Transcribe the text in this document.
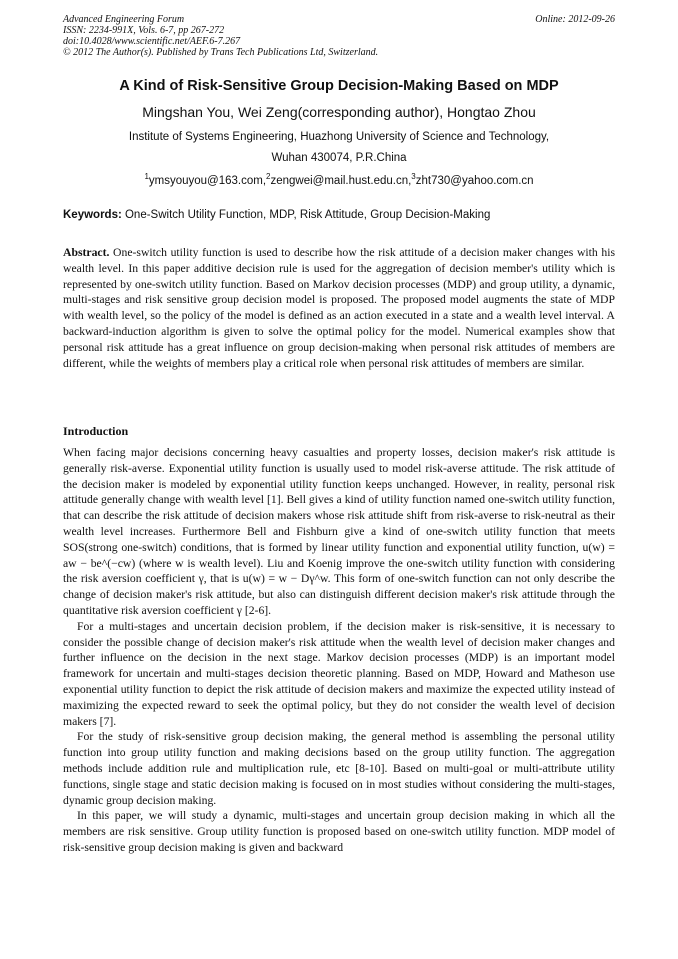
Advanced Engineering Forum
ISSN: 2234-991X, Vols. 6-7, pp 267-272
doi:10.4028/www.scientific.net/AEF.6-7.267
© 2012 The Author(s). Published by Trans Tech Publications Ltd, Switzerland.
Online: 2012-09-26
A Kind of Risk-Sensitive Group Decision-Making Based on MDP
Mingshan You, Wei Zeng(corresponding author), Hongtao Zhou
Institute of Systems Engineering, Huazhong University of Science and Technology,
Wuhan 430074, P.R.China
$^1$ymsyouyou@163.com,$^2$zengwei@mail.hust.edu.cn,$^3$zht730@yahoo.com.cn
Keywords: One-Switch Utility Function, MDP, Risk Attitude, Group Decision-Making
Abstract. One-switch utility function is used to describe how the risk attitude of a decision maker changes with his wealth level. In this paper additive decision rule is used for the aggregation of decision member's utility which is represented by one-switch utility function. Based on Markov decision processes (MDP) and group utility, a dynamic, multi-stages and risk sensitive group decision model is proposed. The proposed model augments the state of MDP with wealth level, so the policy of the model is defined as an action executed in a state and a wealth level interval. A backward-induction algorithm is given to solve the optimal policy for the model. Numerical examples show that personal risk attitude has a great influence on group decision-making when personal risk attitudes of members are different, while the weights of members play a critical role when personal risk attitudes of members are similar.
Introduction

When facing major decisions concerning heavy casualties and property losses, decision maker's risk attitude is generally risk-averse. Exponential utility function is usually used to model risk-averse attitude. The risk attitude of the decision maker is modeled by exponential utility function keeps unchanged. However, in reality, personal risk attitude generally change with wealth level [1]. Bell gives a kind of utility function named one-switch utility function, that can describe the risk attitude of decision makers whose risk attitude shift from risk-averse to risk-neutral as their wealth level increases. Furthermore Bell and Fishburn give a kind of one-switch utility function that meets SOS(strong one-switch) conditions, that is formed by linear utility function and exponential utility function, u(w) = aw − be^(−cw) (where w is wealth level). Liu and Koenig improve the one-switch utility function with considering the risk aversion coefficient γ, that is u(w) = w − Dγ^w. This form of one-switch function can not only describe the change of decision maker's risk attitude, but also can distinguish different decision maker's risk attitude through the quantitative risk aversion coefficient γ [2-6].

For a multi-stages and uncertain decision problem, if the decision maker is risk-sensitive, it is necessary to consider the possible change of decision maker's risk attitude when the wealth level of decision maker changes and further influence on the decision in the next stage. Markov decision processes (MDP) is an important model framework for uncertain and multi-stages decision theoretic planning. Based on MDP, Howard and Matheson use exponential utility function to depict the risk attitude of decision makers and maximize the expected utility instead of maximizing the expected reward to seek the optimal policy, but they do not consider the wealth level of decision makers [7].

For the study of risk-sensitive group decision making, the general method is assembling the personal utility function into group utility function and making decisions based on the group utility function. The aggregation methods include addition rule and multiplication rule, etc [8-10]. Based on multi-goal or multi-attribute utility functions, single stage and static decision making is focused on in most studies without considering the multi-stages, dynamic group decision making.

In this paper, we will study a dynamic, multi-stages and uncertain group decision making in which all the members are risk sensitive. Group utility function is proposed based on one-switch utility function. MDP model of risk-sensitive group decision making is given and backward
